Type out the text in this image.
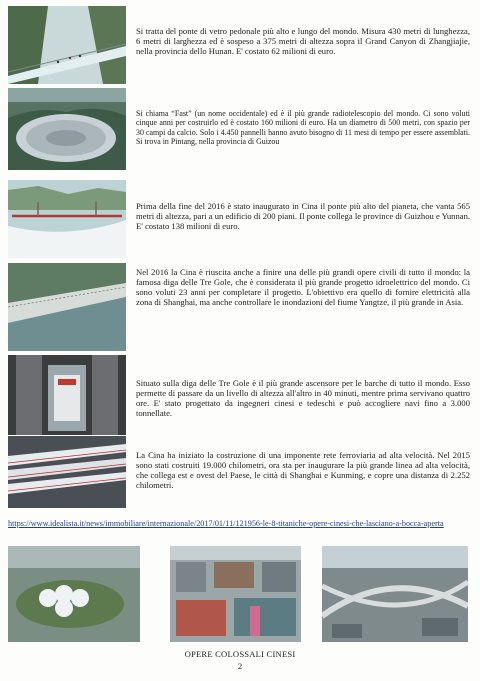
Si tratta del ponte di vetro pedonale più alto e lungo del mondo. Misura 430 metri di lunghezza, 6 metri di larghezza ed è sospeso a 375 metri di altezza sopra il Grand Canyon di Zhangjiajie, nella provincia dello Hunan. E' costato 62 milioni di euro.
Si chiama “Fast” (un nome occidentale) ed è il più grande radiotelescopio del mondo. Ci sono voluti cinque anni per costruirlo ed è costato 160 milioni di euro. Ha un diametro di 500 metri, con spazio per 30 campi da calcio. Solo i 4.450 pannelli hanno avuto bisogno di 11 mesi di tempo per essere assemblati. Si trova in Pintang, nella provincia di Guizou
Prima della fine del 2016 è stato inaugurato in Cina il ponte più alto del pianeta, che vanta 565 metri di altezza, pari a un edificio di 200 piani. Il ponte collega le province di Guizhou e Yunnan. E' costato 138 milioni di euro.
Nel 2016 la Cina è riuscita anche a finire una delle più grandi opere civili di tutto il mondo: la famosa diga delle Tre Gole, che è considerata il più grande progetto idroelettrico del mondo. Ci sono voluti 23 anni per completare il progetto. L'obiettivo era quello di fornire elettricità alla zona di Shanghai, ma anche controllare le inondazioni del fiume Yangtze, il più grande in Asia.
Situato sulla diga delle Tre Gole è il più grande ascensore per le barche di tutto il mondo. Esso permette di passare da un livello di altezza all'altro in 40 minuti, mentre prima servivano quattro ore. E' stato progettato da ingegneri cinesi e tedeschi e può accogliere navi fino a 3.000 tonnellate.
La Cina ha iniziato la costruzione di una imponente rete ferroviaria ad alta velocità. Nel 2015 sono stati costruiti 19.000 chilometri, ora sta per inaugurare la più grande linea ad alta velocità, che collega est e ovest del Paese, le città di Shanghai e Kunming, e copre una distanza di 2.252 chilometri.
https://www.idealista.it/news/immobiliare/internazionale/2017/01/11/121956-le-8-titaniche-opere-cinesi-che-lasciano-a-bocca-aperta
OPERE COLOSSALI CINESI
2
